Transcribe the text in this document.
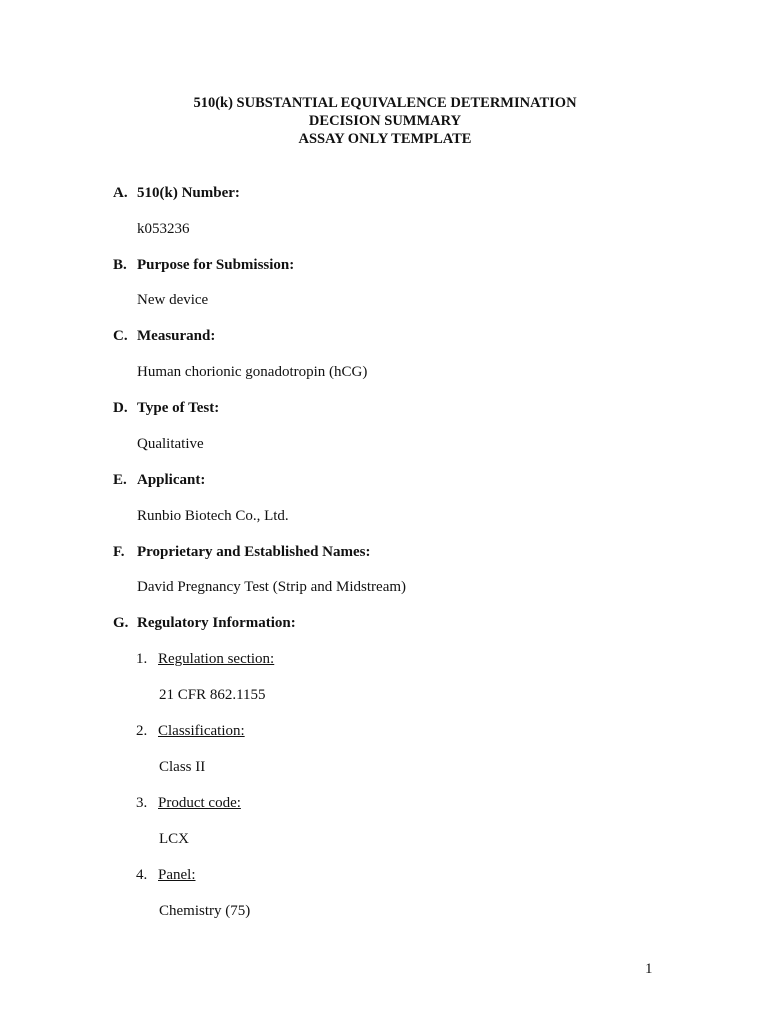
510(k) SUBSTANTIAL EQUIVALENCE DETERMINATION
DECISION SUMMARY
ASSAY ONLY TEMPLATE
A. 510(k) Number:
k053236
B. Purpose for Submission:
New device
C. Measurand:
Human chorionic gonadotropin (hCG)
D. Type of Test:
Qualitative
E. Applicant:
Runbio Biotech Co., Ltd.
F. Proprietary and Established Names:
David Pregnancy Test (Strip and Midstream)
G. Regulatory Information:
1. Regulation section:
21 CFR 862.1155
2. Classification:
Class II
3. Product code:
LCX
4. Panel:
Chemistry (75)
1
